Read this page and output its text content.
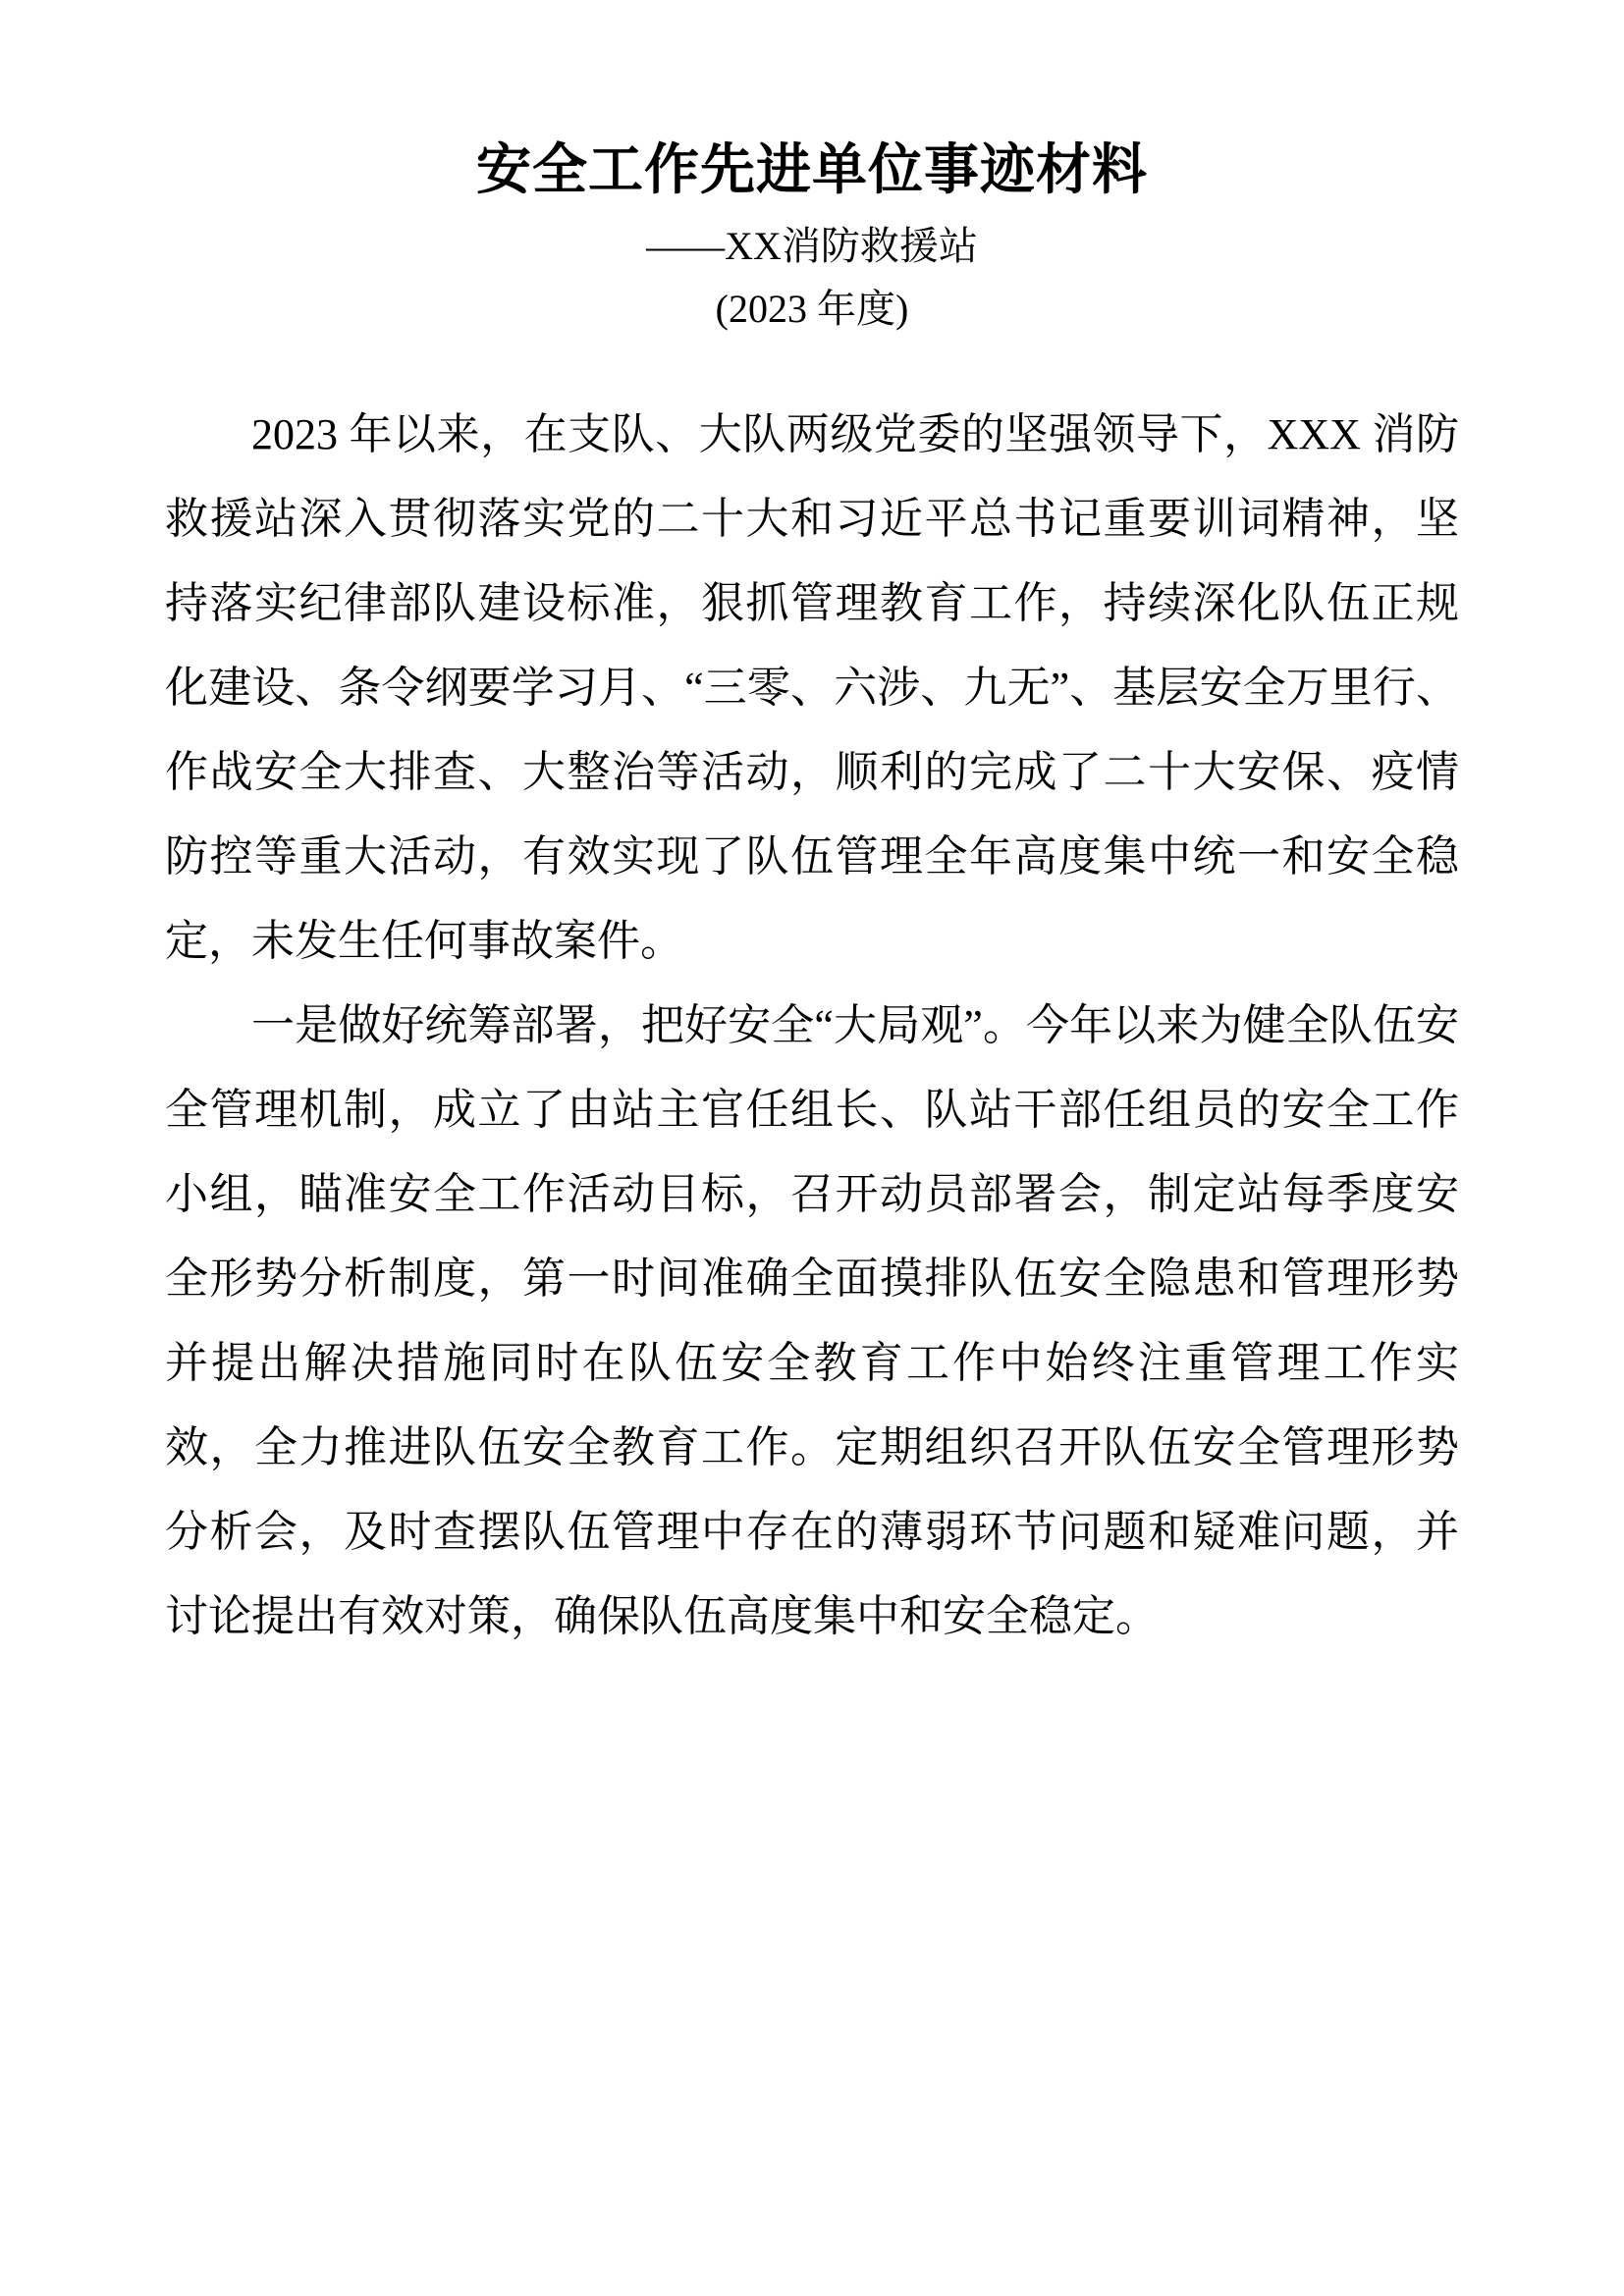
安全工作先进单位事迹材料
——XX消防救援站
(2023 年度)

2023 年以来，在支队、大队两级党委的坚强领导下，XXX 消防救援站深入贯彻落实党的二十大和习近平总书记重要训词精神，坚持落实纪律部队建设标准，狠抓管理教育工作，持续深化队伍正规化建设、条令纲要学习月、“三零、六涉、九无”、基层安全万里行、作战安全大排查、大整治等活动，顺利的完成了二十大安保、疫情防控等重大活动，有效实现了队伍管理全年高度集中统一和安全稳定，未发生任何事故案件。

一是做好统筹部署，把好安全“大局观”。今年以来为健全队伍安全管理机制，成立了由站主官任组长、队站干部任组员的安全工作小组，瞄准安全工作活动目标，召开动员部署会，制定站每季度安全形势分析制度，第一时间准确全面摸排队伍安全隐患和管理形势并提出解决措施同时在队伍安全教育工作中始终注重管理工作实效，全力推进队伍安全教育工作。定期组织召开队伍安全管理形势分析会，及时查摆队伍管理中存在的薄弱环节问题和疑难问题，并讨论提出有效对策，确保队伍高度集中和安全稳定。
